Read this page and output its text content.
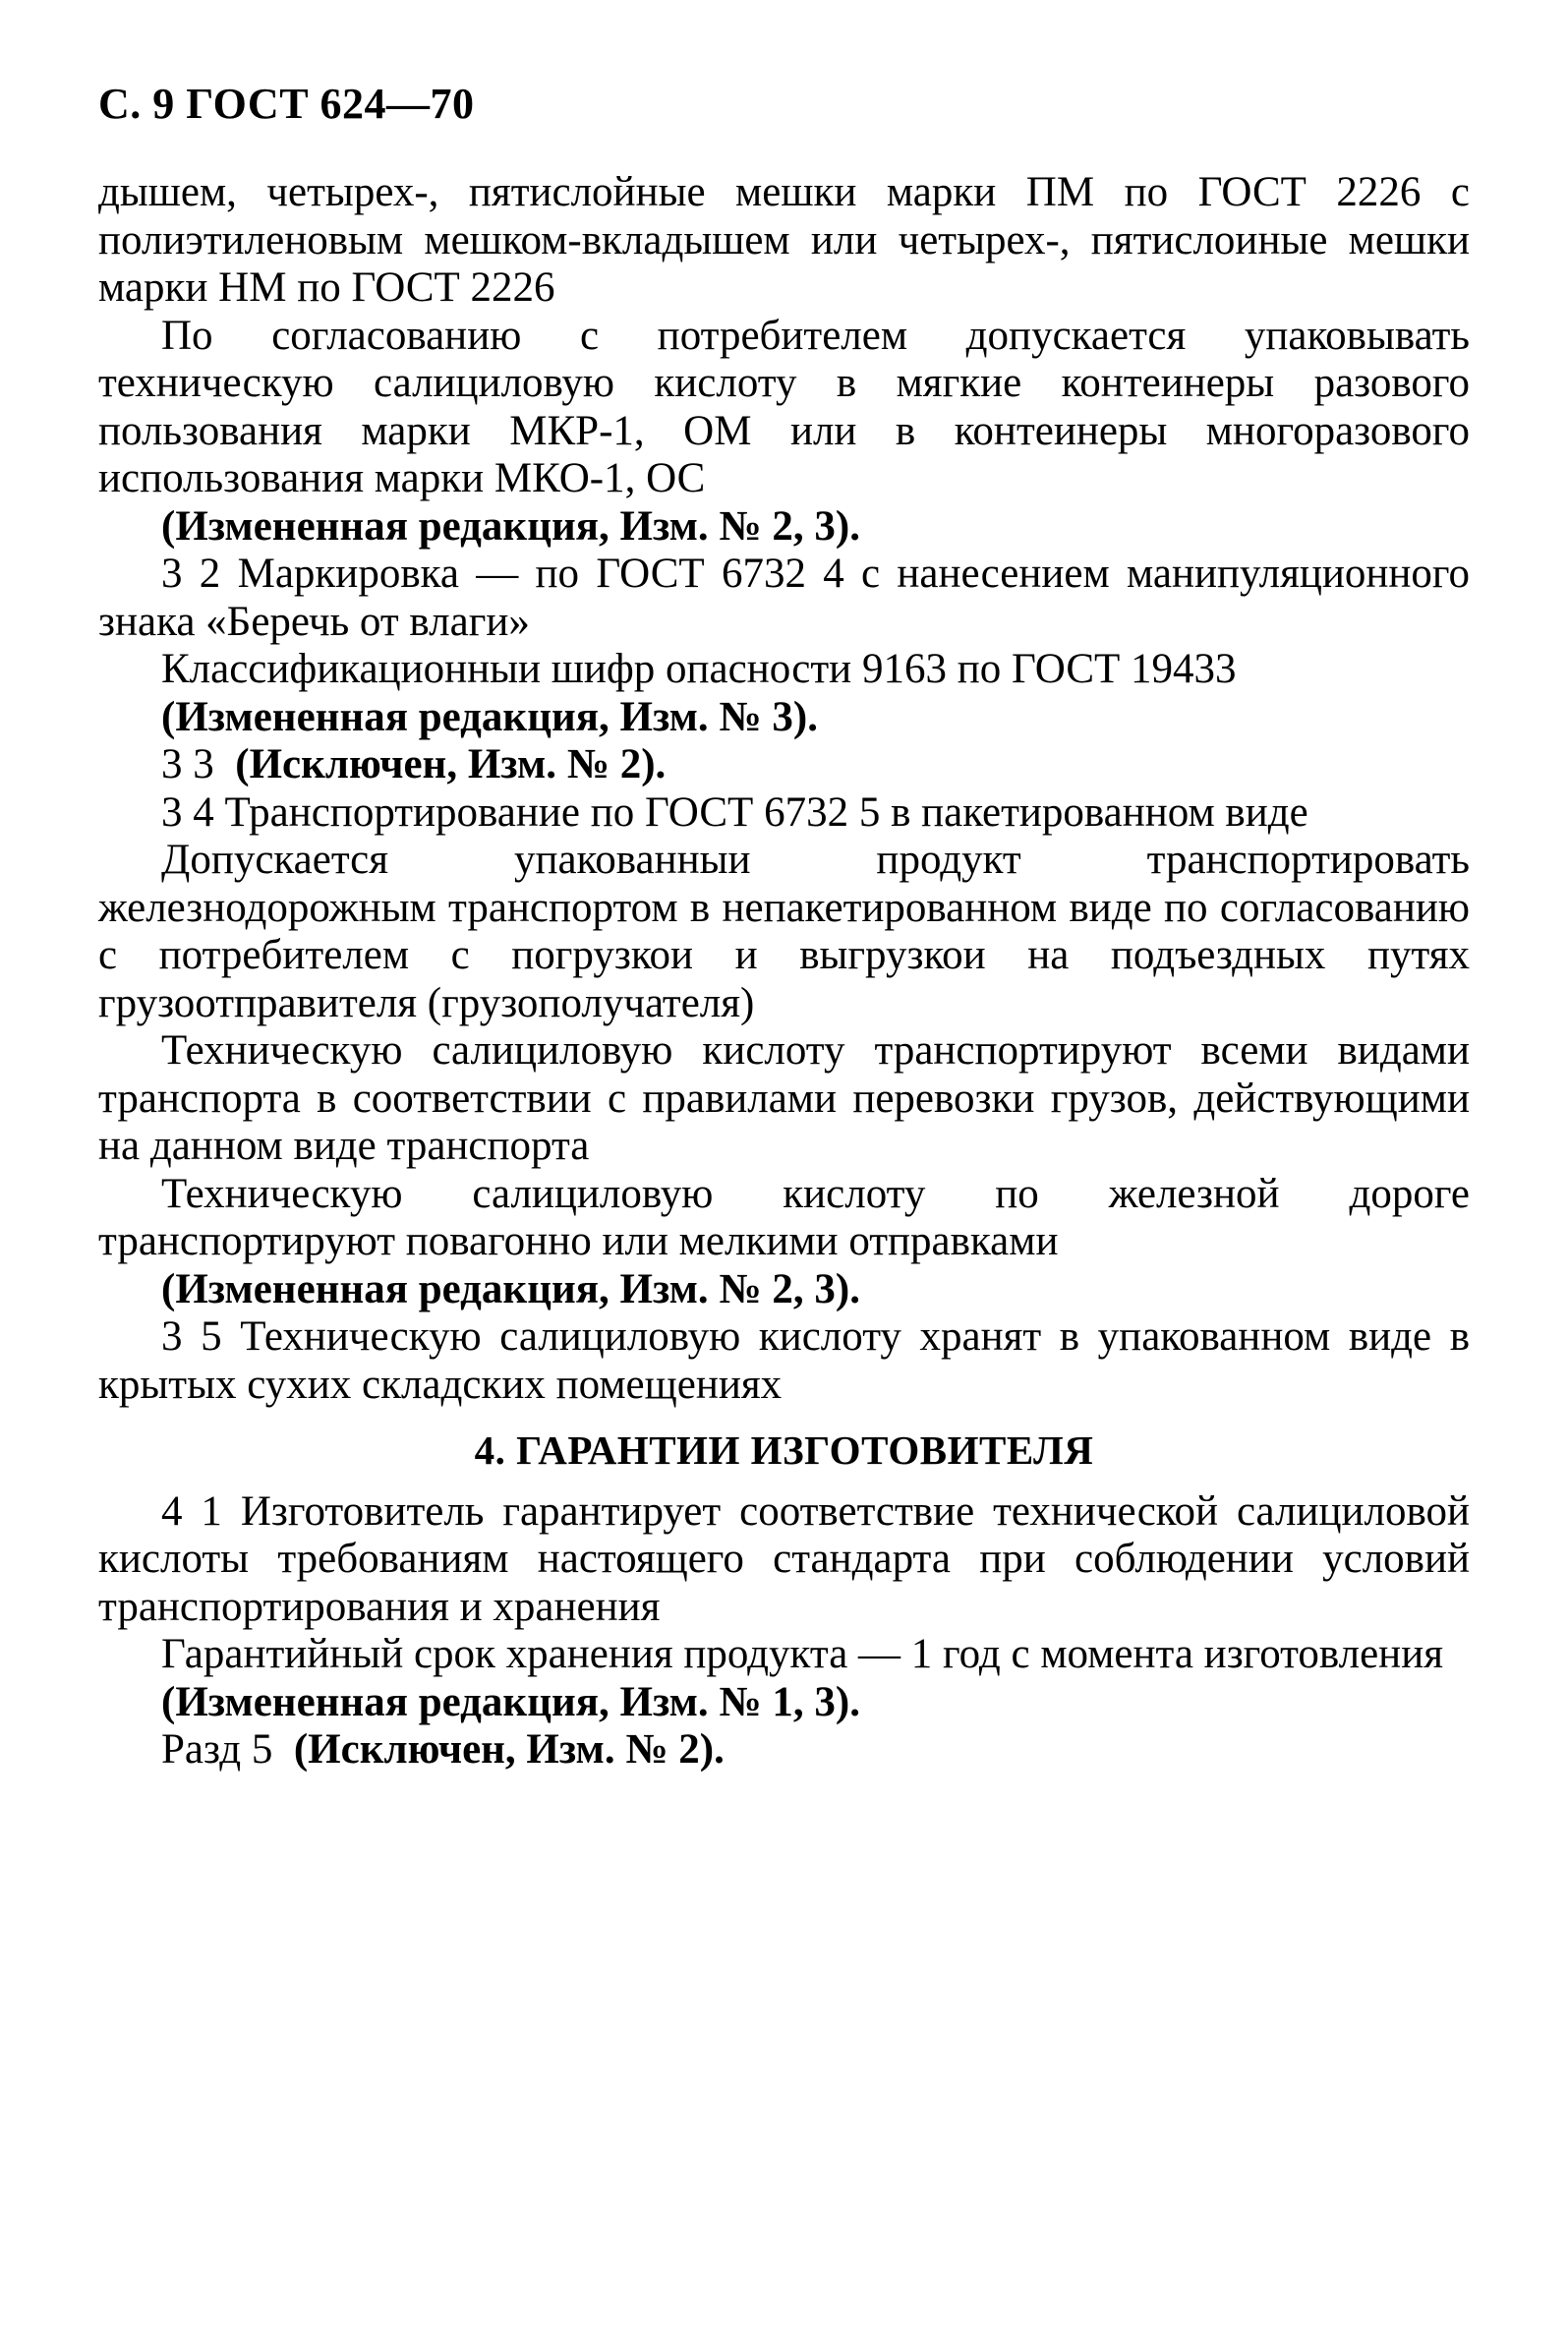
С. 9 ГОСТ 624—70

дышем, четырех-, пятислойные мешки марки ПМ по ГОСТ 2226 с полиэтиленовым мешком-вкладышем или четырех-, пятислоиные мешки марки НМ по ГОСТ 2226

По согласованию с потребителем допускается упаковывать техническую салициловую кислоту в мягкие контеинеры разового пользования марки МКР-1, ОМ или в контеинеры многоразового использования марки МКО-1, ОС

(Измененная редакция, Изм. № 2, 3).

3 2 Маркировка — по ГОСТ 6732 4 с нанесением манипуляционного знака «Беречь от влаги»

Классификационныи шифр опасности 9163 по ГОСТ 19433

(Измененная редакция, Изм. № 3).

3 3 (Исключен, Изм. № 2).

3 4 Транспортирование по ГОСТ 6732 5 в пакетированном виде

Допускается упакованныи продукт транспортировать железнодорожным транспортом в непакетированном виде по согласованию с потребителем с погрузкои и выгрузкои на подъездных путях грузоотправителя (грузополучателя)

Техническую салициловую кислоту транспортируют всеми видами транспорта в соответствии с правилами перевозки грузов, действующими на данном виде транспорта

Техническую салициловую кислоту по железной дороге транспортируют повагонно или мелкими отправками

(Измененная редакция, Изм. № 2, 3).

3 5 Техническую салициловую кислоту хранят в упакованном виде в крытых сухих складских помещениях

4. ГАРАНТИИ ИЗГОТОВИТЕЛЯ

4 1 Изготовитель гарантирует соответствие технической салициловой кислоты требованиям настоящего стандарта при соблюдении условий транспортирования и хранения

Гарантийный срок хранения продукта — 1 год с момента изготовления

(Измененная редакция, Изм. № 1, 3).

Разд 5 (Исключен, Изм. № 2).
